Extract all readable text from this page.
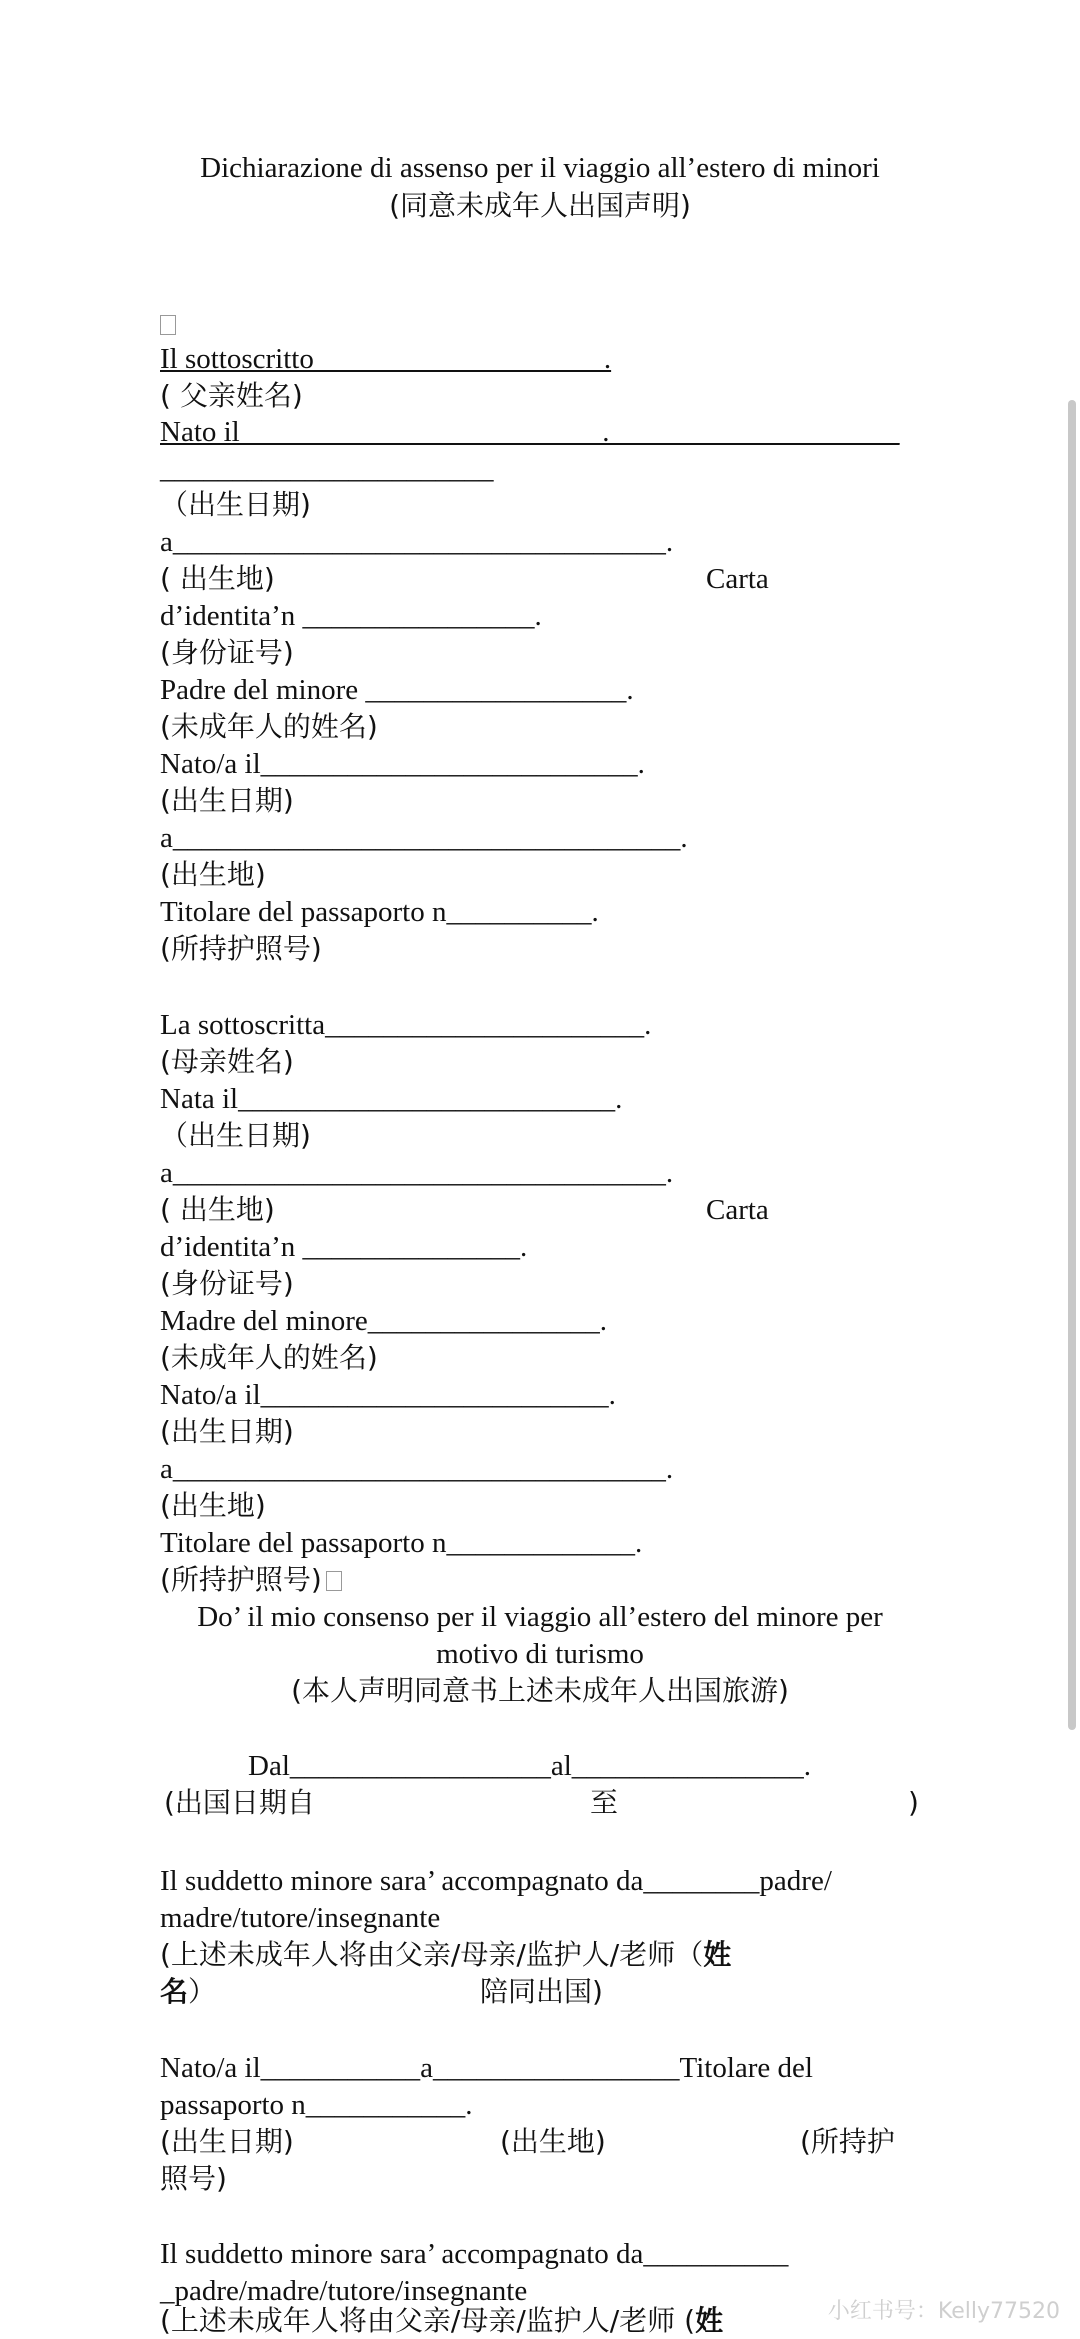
Dichiarazione di assenso per il viaggio all’estero di minori
(同意未成年人出国声明)
Il sottoscritto____________________.
( 父亲姓名)
Nato il_________________________.____________________
_______________________
（出生日期)
a__________________________________.
( 出生地)	Carta
d’identita’n ________________.
(身份证号)
Padre del minore __________________.
(未成年人的姓名)
Nato/a il__________________________.
(出生日期)
a___________________________________.
(出生地)
Titolare del passaporto n__________.
(所持护照号)
La sottoscritta______________________.
(母亲姓名)
Nata il__________________________.
（出生日期)
a__________________________________.
( 出生地)	Carta
d’identita’n _______________.
(身份证号)
Madre del minore________________.
(未成年人的姓名)
Nato/a il________________________.
(出生日期)
a__________________________________.
(出生地)
Titolare del passaporto n_____________.
(所持护照号)
Do’ il mio consenso per il viaggio all’estero del minore per
motivo di turismo
(本人声明同意书上述未成年人出国旅游)
Dal__________________al________________.
(出国日期自	至	)
Il suddetto minore sara’ accompagnato da________padre/
madre/tutore/insegnante
(上述未成年人将由父亲/母亲/监护人/老师（姓
名）	陪同出国)
Nato/a il___________a_________________Titolare del
passaporto n___________.
(出生日期)	(出生地)	(所持护
照号)
Il suddetto minore sara’ accompagnato da__________
_padre/madre/tutore/insegnante
(上述未成年人将由父亲/母亲/监护人/老师 (姓	小红书号：Kelly77520
